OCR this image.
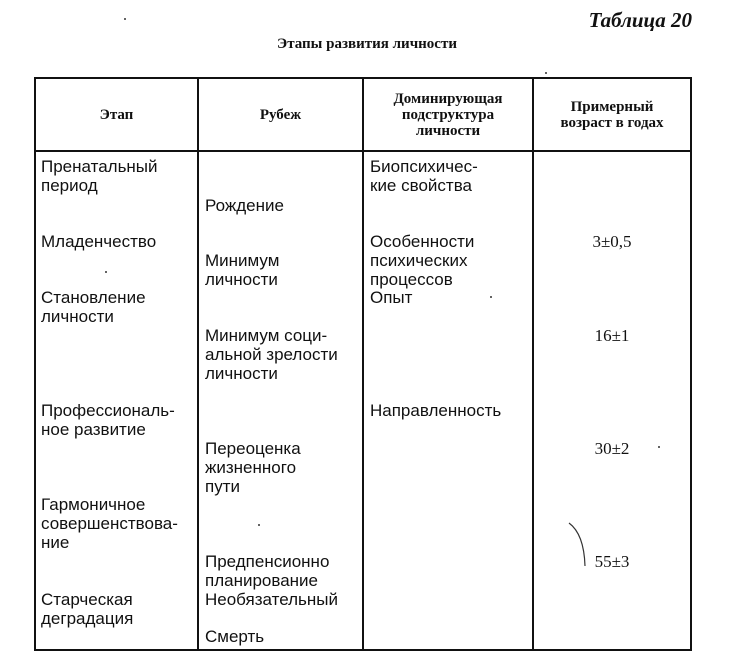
Таблица 20
Этапы развития личности
Этап	Рубеж
Доминирующая
подструктура
личности
Примерный
возраст в годах
Пренатальный
период
Младенчество
Становление
личности
Профессиональ-
ное развитие
Гармоничное
совершенствова-
ние
Старческая
деградация
Рождение
Минимум
личности
Минимум соци-
альной зрелости
личности
Переоценка
жизненного
пути
Предпенсионно
планирование
Необязательный
Смерть
Биопсихичес-
кие свойства
Особенности
психических
процессов
Опыт
Направленность
3±0,5
16±1
30±2
55±3
